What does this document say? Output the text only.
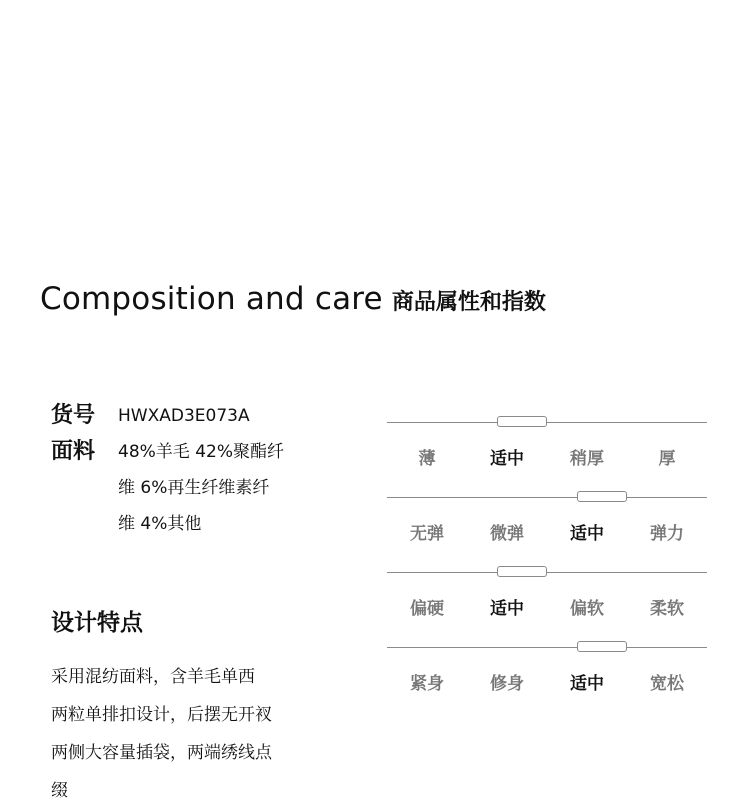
Composition and care 商品属性和指数
货号	HWXAD3E073A
面料	48%羊毛 42%聚酯纤
维 6%再生纤维素纤
维 4%其他
设计特点
采用混纺面料，含羊毛单西
两粒单排扣设计，后摆无开衩
两侧大容量插袋，两端绣线点
缀
薄	适中	稍厚	厚
无弹	微弹	适中	弹力
偏硬	适中	偏软	柔软
紧身	修身	适中	宽松
